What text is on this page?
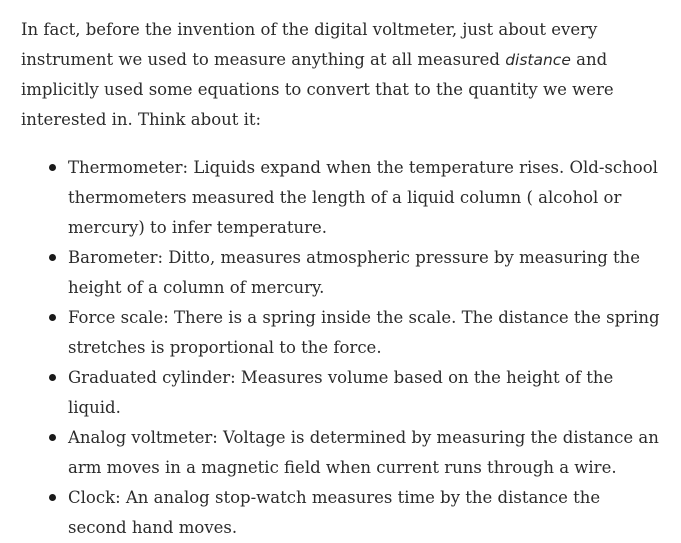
In fact, before the invention of the digital voltmeter, just about every instrument we used to measure anything at all measured distance and implicitly used some equations to convert that to the quantity we were interested in. Think about it:

Thermometer: Liquids expand when the temperature rises. Old-school thermometers measured the length of a liquid column ( alcohol or mercury) to infer temperature.
Barometer: Ditto, measures atmospheric pressure by measuring the height of a column of mercury.
Force scale: There is a spring inside the scale. The distance the spring stretches is proportional to the force.
Graduated cylinder: Measures volume based on the height of the liquid.
Analog voltmeter: Voltage is determined by measuring the distance an arm moves in a magnetic field when current runs through a wire.
Clock: An analog stop-watch measures time by the distance the second hand moves.
